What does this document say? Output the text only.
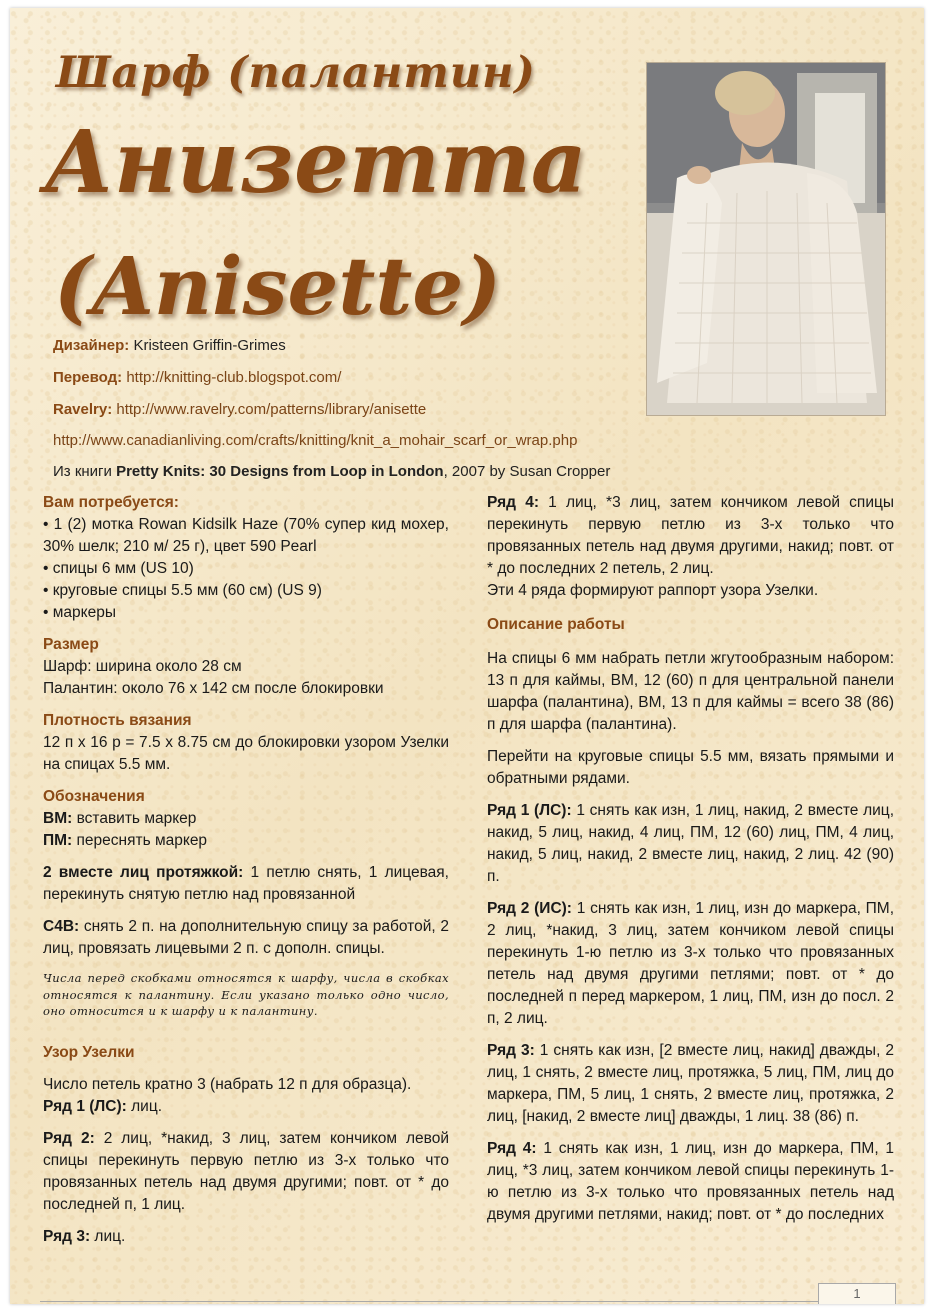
Шарф (палантин)
Анизетта
(Anisette)
Дизайнер: Kristeen Griffin-Grimes
Перевод: http://knitting-club.blogspot.com/
Ravelry: http://www.ravelry.com/patterns/library/anisette
http://www.canadianliving.com/crafts/knitting/knit_a_mohair_scarf_or_wrap.php
Из книги Pretty Knits: 30 Designs from Loop in London, 2007 by Susan Cropper

Вам потребуется:

• 1 (2) мотка Rowan Kidsilk Haze (70% супер кид мохер, 30% шелк; 210 м/ 25 г), цвет 590 Pearl

• спицы 6 мм (US 10)

• круговые спицы 5.5 мм (60 см) (US 9)

• маркеры

Размер

Шарф: ширина около 28 см

Палантин: около 76 х 142 см после блокировки

Плотность вязания

12 п х 16 р = 7.5 х 8.75 см до блокировки узором Узелки на спицах 5.5 мм.

Обозначения

ВМ: вставить маркер

ПМ: переснять маркер

2 вместе лиц протяжкой: 1 петлю снять, 1 лицевая, перекинуть снятую петлю над провязанной

С4В: снять 2 п. на дополнительную спицу за работой, 2 лиц, провязать лицевыми 2 п. с дополн. спицы.

Числа перед скобками относятся к шарфу, числа в скобках относятся к палантину. Если указано только одно число, оно относится и к шарфу и к палантину.

Узор Узелки

Число петель кратно 3 (набрать 12 п для образца).

Ряд 1 (ЛС): лиц.

Ряд 2: 2 лиц, *накид, 3 лиц, затем кончиком левой спицы перекинуть первую петлю из 3-х только что провязанных петель над двумя другими; повт. от * до последней п, 1 лиц.

Ряд 3: лиц.

Ряд 4: 1 лиц, *3 лиц, затем кончиком левой спицы перекинуть первую петлю из 3-х только что провязанных петель над двумя другими, накид; повт. от * до последних 2 петель, 2 лиц.

Эти 4 ряда формируют раппорт узора Узелки.

Описание работы

На спицы 6 мм набрать петли жгутообразным набором: 13 п для каймы, ВМ, 12 (60) п для центральной панели шарфа (палантина), ВМ, 13 п для каймы = всего 38 (86) п для шарфа (палантина).

Перейти на круговые спицы 5.5 мм, вязать прямыми и обратными рядами.

Ряд 1 (ЛС): 1 снять как изн, 1 лиц, накид, 2 вместе лиц, накид, 5 лиц, накид, 4 лиц, ПМ, 12 (60) лиц, ПМ, 4 лиц, накид, 5 лиц, накид, 2 вместе лиц, накид, 2 лиц. 42 (90) п.

Ряд 2 (ИС): 1 снять как изн, 1 лиц, изн до маркера, ПМ, 2 лиц, *накид, 3 лиц, затем кончиком левой спицы перекинуть 1-ю петлю из 3-х только что провязанных петель над двумя другими петлями; повт. от * до последней п перед маркером, 1 лиц, ПМ, изн до посл. 2 п, 2 лиц.

Ряд 3: 1 снять как изн, [2 вместе лиц, накид] дважды, 2 лиц, 1 снять, 2 вместе лиц, протяжка, 5 лиц, ПМ, лиц до маркера, ПМ, 5 лиц, 1 снять, 2 вместе лиц, протяжка, 2 лиц, [накид, 2 вместе лиц] дважды, 1 лиц. 38 (86) п.

Ряд 4: 1 снять как изн, 1 лиц, изн до маркера, ПМ, 1 лиц, *3 лиц, затем кончиком левой спицы перекинуть 1-ю петлю из 3-х только что провязанных петель над двумя другими петлями, накид; повт. от * до последних

1
